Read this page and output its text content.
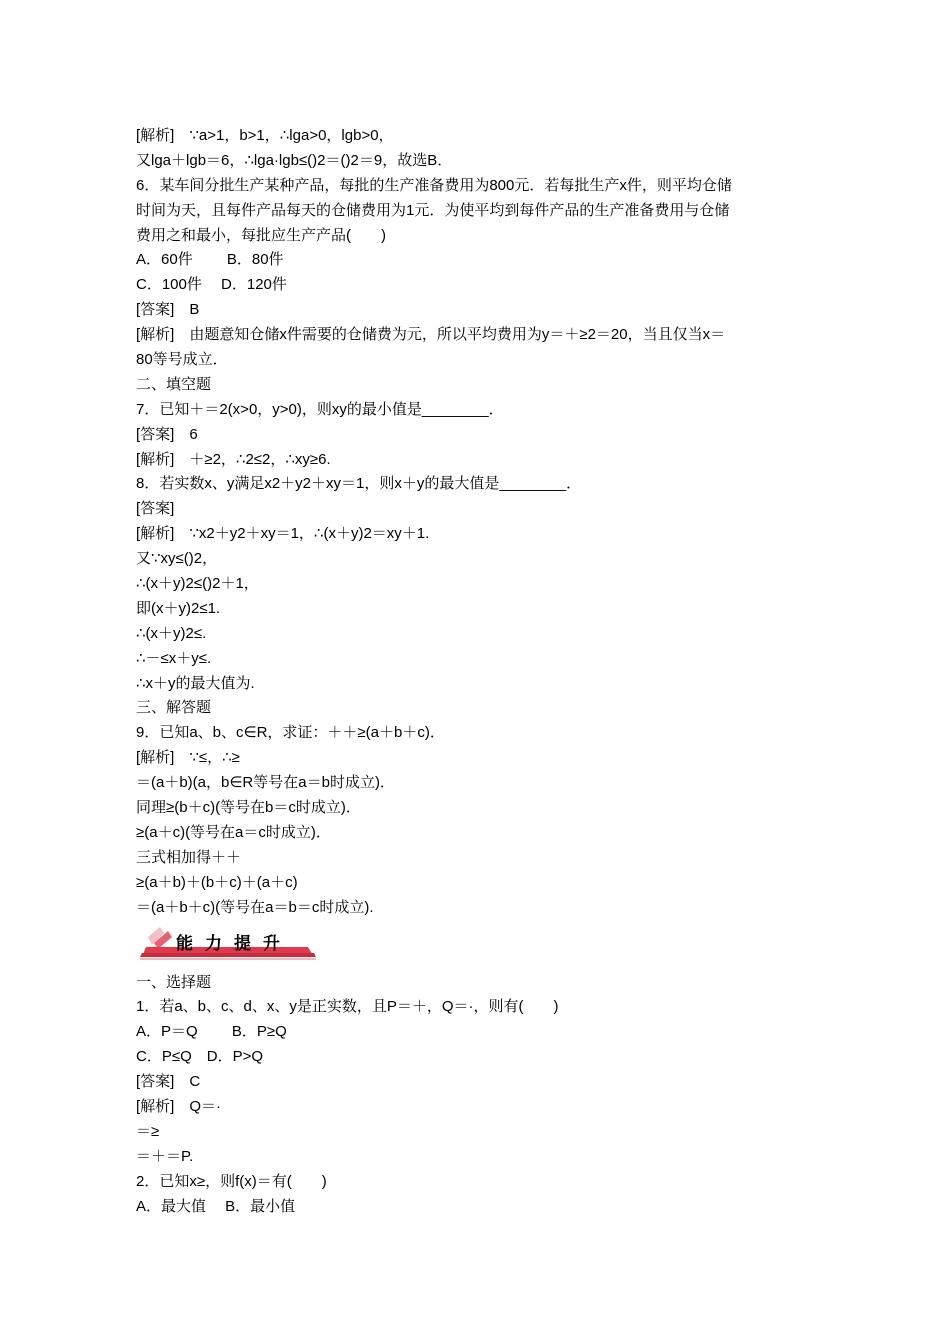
[解析]　∵a>1，b>1，∴lga>0，lgb>0，
又lga＋lgb＝6，∴lga·lgb≤()2＝()2＝9，故选B．
6．某车间分批生产某种产品，每批的生产准备费用为800元．若每批生产x件，则平均仓储
时间为天，且每件产品每天的仓储费用为1元．为使平均到每件产品的生产准备费用与仓储
费用之和最小，每批应生产产品(　　)
A．60件　　 B．80件
C．100件　 D．120件
[答案]　B
[解析]　由题意知仓储x件需要的仓储费为元，所以平均费用为y＝＋≥2＝20，当且仅当x＝
80等号成立．
二、填空题
7．已知＋＝2(x>0，y>0)，则xy的最小值是________．
[答案]　6
[解析]　＋≥2，∴2≤2，∴xy≥6.
8．若实数x、y满足x2＋y2＋xy＝1，则x＋y的最大值是________．
[答案]
[解析]　∵x2＋y2＋xy＝1，∴(x＋y)2＝xy＋1.
又∵xy≤()2，
∴(x＋y)2≤()2＋1，
即(x＋y)2≤1.
∴(x＋y)2≤.
∴－≤x＋y≤.
∴x＋y的最大值为.
三、解答题
9．已知a、b、c∈R，求证：＋＋≥(a＋b＋c)．
[解析]　∵≤，∴≥
＝(a＋b)(a，b∈R等号在a＝b时成立)．
同理≥(b＋c)(等号在b＝c时成立)．
≥(a＋c)(等号在a＝c时成立)．
三式相加得＋＋
≥(a＋b)＋(b＋c)＋(a＋c)
＝(a＋b＋c)(等号在a＝b＝c时成立).
能力提升
一、选择题
1．若a、b、c、d、x、y是正实数，且P＝＋，Q＝·，则有(　　)
A．P＝Q　　 B．P≥Q
C．P≤Q　D．P>Q
[答案]　C
[解析]　Q＝·
＝≥
＝＋＝P.
2．已知x≥，则f(x)＝有(　　)
A．最大值　 B．最小值
